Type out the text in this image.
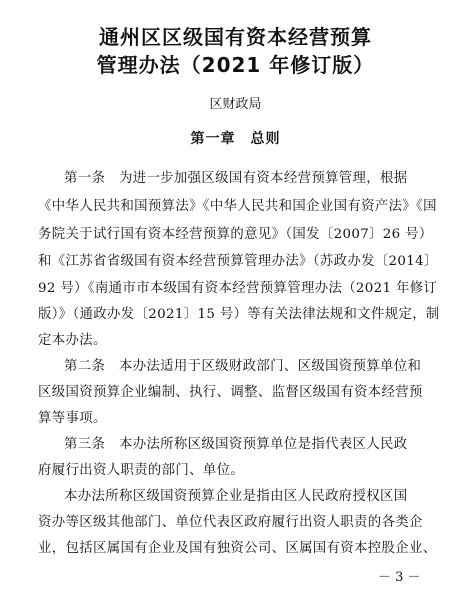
通州区区级国有资本经营预算
管理办法（2021 年修订版）
区财政局
第一章　总则
第一条　为进一步加强区级国有资本经营预算管理，根据
《中华人民共和国预算法》《中华人民共和国企业国有资产法》《国
务院关于试行国有资本经营预算的意见》（国发〔2007〕26 号）
和《江苏省省级国有资本经营预算管理办法》（苏政办发〔2014〕
92 号）《南通市市本级国有资本经营预算管理办法（2021 年修订
版）》（通政办发〔2021〕15 号）等有关法律法规和文件规定，制
定本办法。
第二条　本办法适用于区级财政部门、区级国资预算单位和
区级国资预算企业编制、执行、调整、监督区级国有资本经营预
算等事项。
第三条　本办法所称区级国资预算单位是指代表区人民政
府履行出资人职责的部门、单位。
本办法所称区级国资预算企业是指由区人民政府授权区国
资办等区级其他部门、单位代表区政府履行出资人职责的各类企
业，包括区属国有企业及国有独资公司、区属国有资本控股企业、
－ 3 －
